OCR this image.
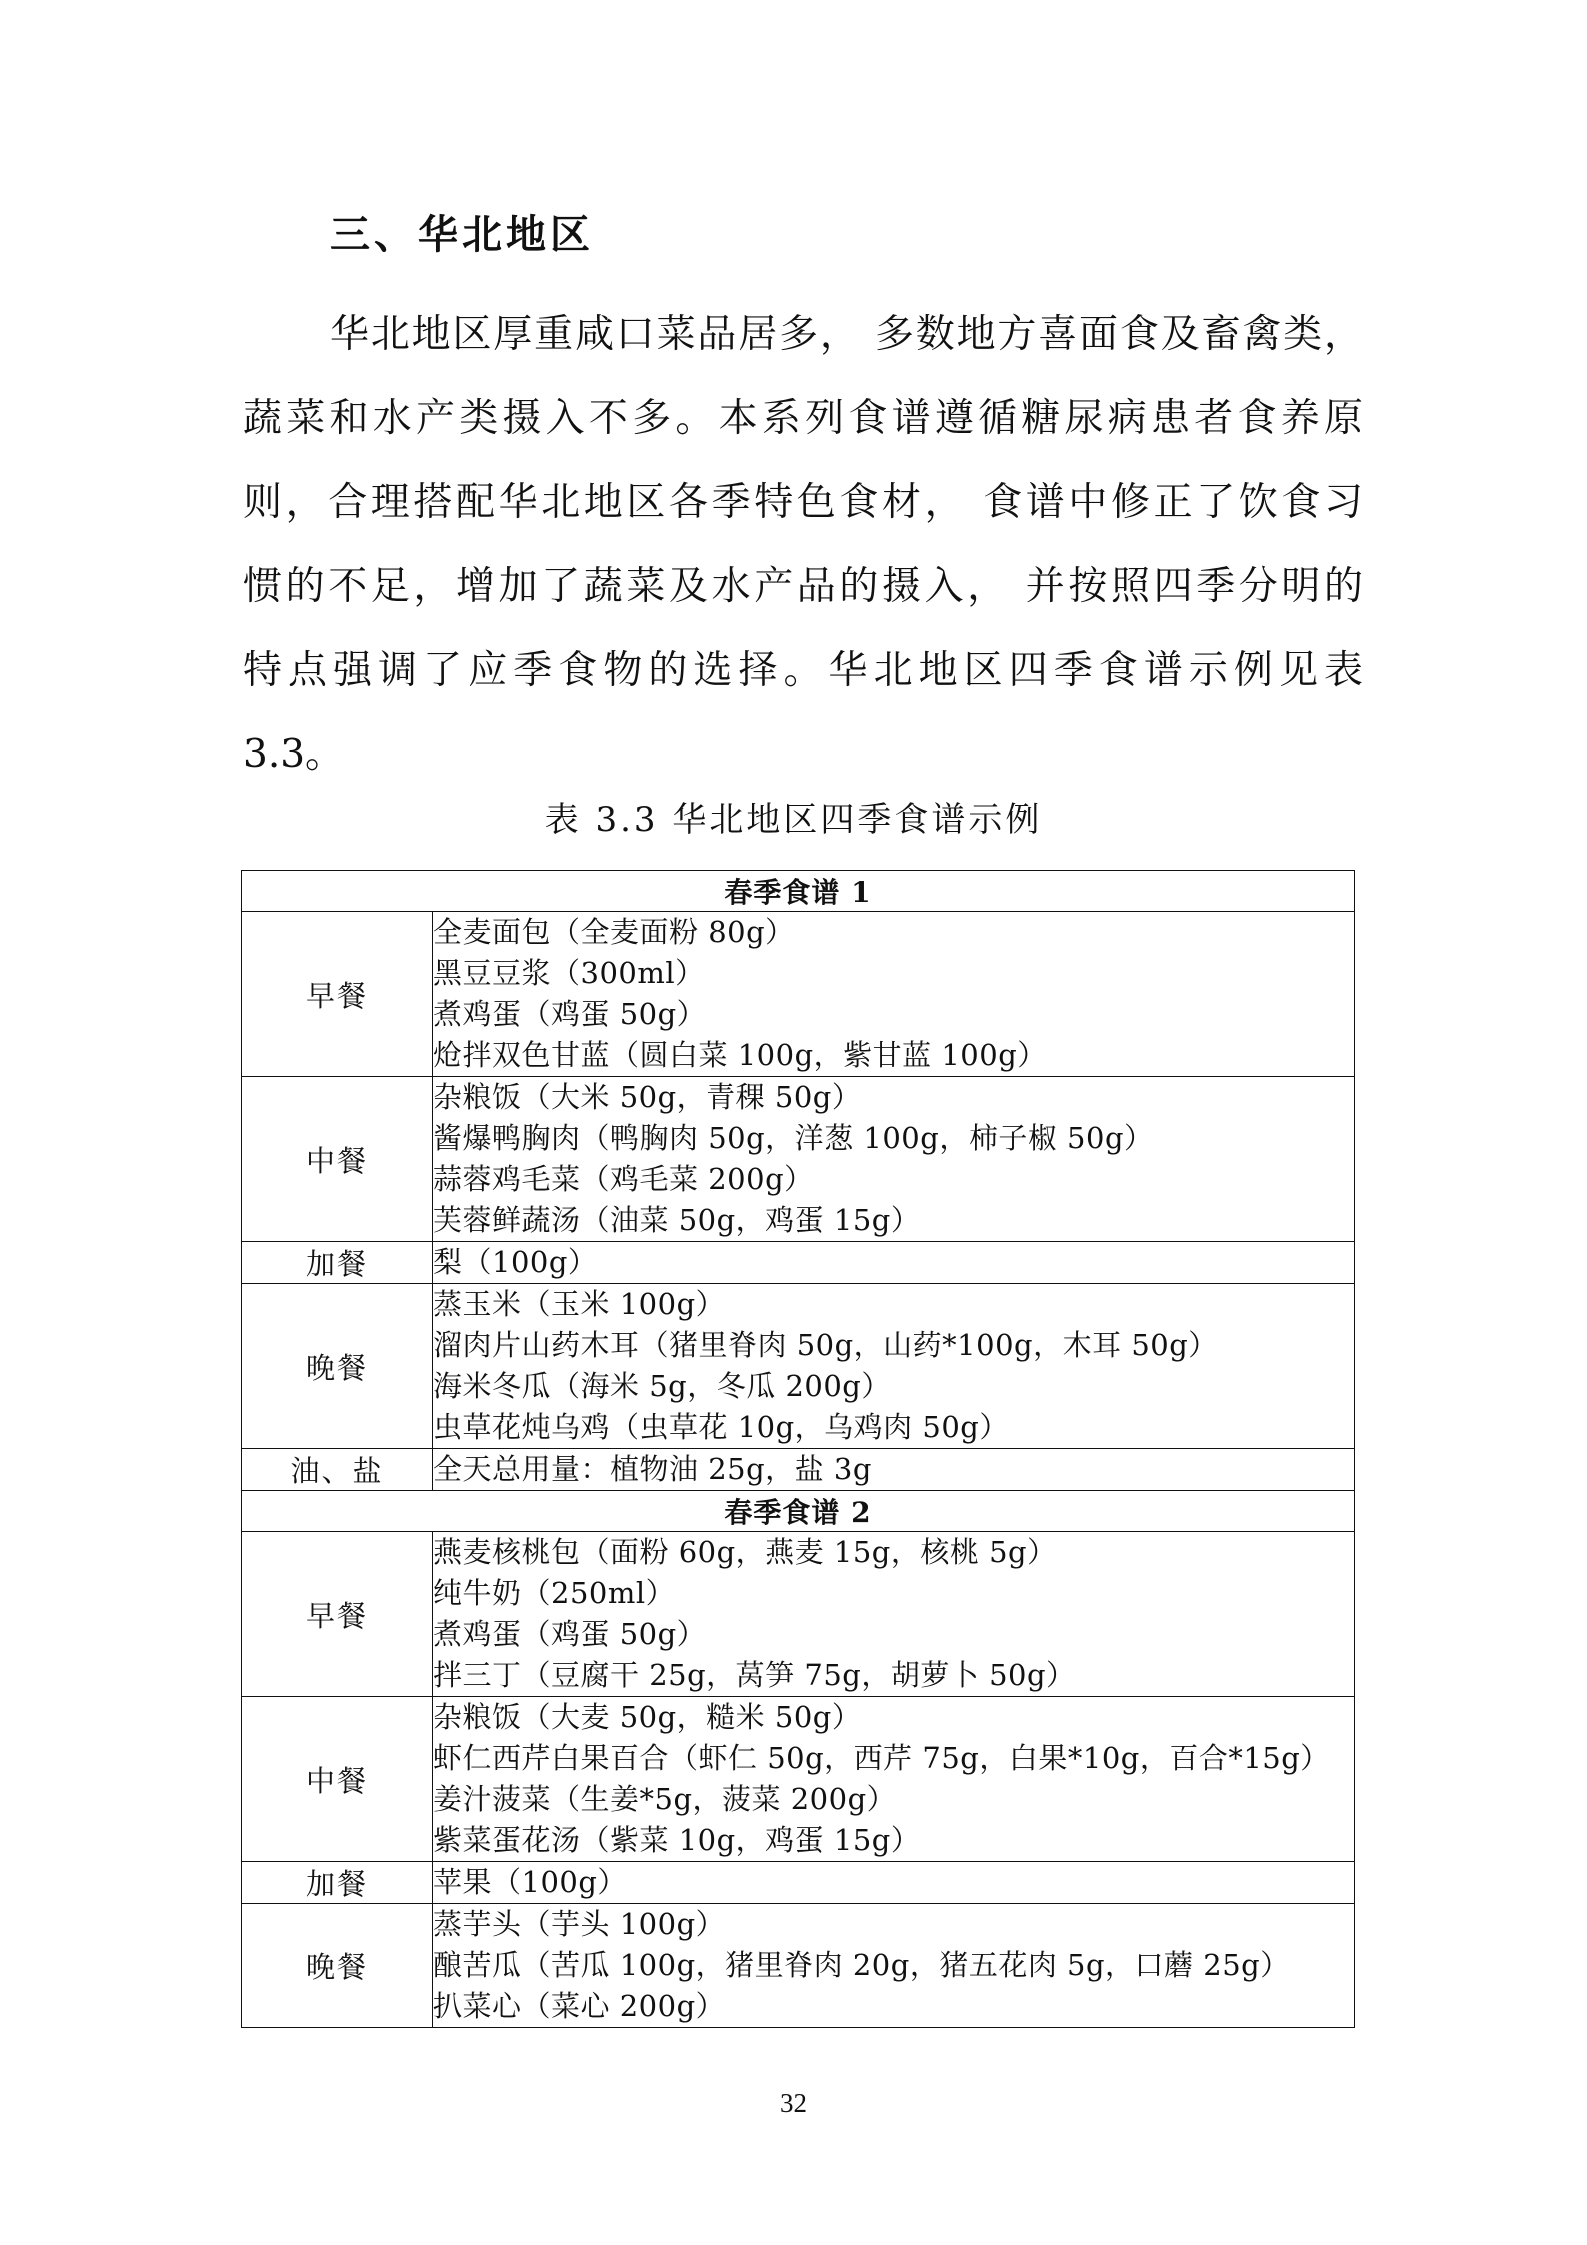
三、华北地区
华北地区厚重咸口菜品居多， 多数地方喜面食及畜禽类，
蔬菜和水产类摄入不多。本系列食谱遵循糖尿病患者食养原
则，合理搭配华北地区各季特色食材， 食谱中修正了饮食习
惯的不足，增加了蔬菜及水产品的摄入， 并按照四季分明的
特点强调了应季食物的选择。华北地区四季食谱示例见表
3.3。
表 3.3 华北地区四季食谱示例
春季食谱 1	
早餐	全麦面包（全麦面粉 80g）
黑豆豆浆（300ml）
煮鸡蛋（鸡蛋 50g）
炝拌双色甘蓝（圆白菜 100g，紫甘蓝 100g）

中餐	杂粮饭（大米 50g，青稞 50g）
酱爆鸭胸肉（鸭胸肉 50g，洋葱 100g，柿子椒 50g）
蒜蓉鸡毛菜（鸡毛菜 200g）
芙蓉鲜蔬汤（油菜 50g，鸡蛋 15g）

加餐	梨（100g）

晚餐	蒸玉米（玉米 100g）
溜肉片山药木耳（猪里脊肉 50g，山药*100g，木耳 50g）
海米冬瓜（海米 5g，冬瓜 200g）
虫草花炖乌鸡（虫草花 10g，乌鸡肉 50g）

油、盐	全天总用量：植物油 25g，盐 3g

春季食谱 2	
早餐	燕麦核桃包（面粉 60g，燕麦 15g，核桃 5g）
纯牛奶（250ml）
煮鸡蛋（鸡蛋 50g）
拌三丁（豆腐干 25g，莴笋 75g，胡萝卜 50g）

中餐	杂粮饭（大麦 50g，糙米 50g）
虾仁西芹白果百合（虾仁 50g，西芹 75g，白果*10g，百合*15g）
姜汁菠菜（生姜*5g，菠菜 200g）
紫菜蛋花汤（紫菜 10g，鸡蛋 15g）

加餐	苹果（100g）

晚餐	蒸芋头（芋头 100g）
酿苦瓜（苦瓜 100g，猪里脊肉 20g，猪五花肉 5g，口蘑 25g）
扒菜心（菜心 200g）
32
